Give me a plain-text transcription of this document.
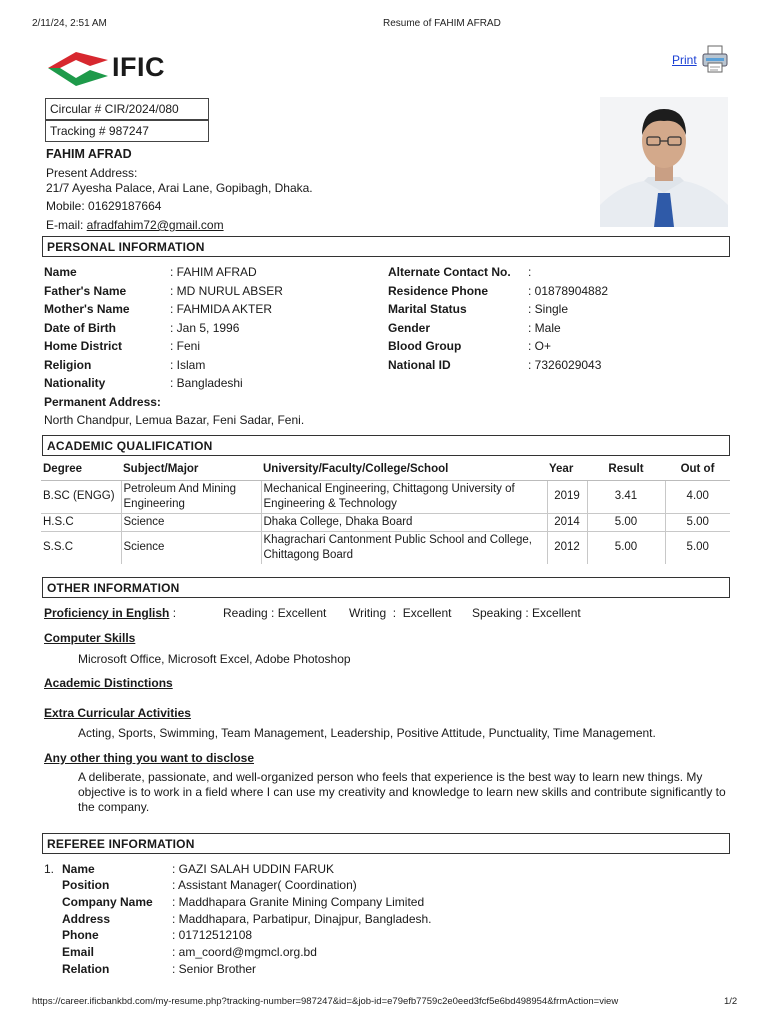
2/11/24, 2:51 AM	Resume of FAHIM AFRAD
IFIC	Print
Circular # CIR/2024/080
Tracking # 987247
FAHIM AFRAD
Present Address:
21/7 Ayesha Palace, Arai Lane, Gopibagh, Dhaka.
Mobile: 01629187664
E-mail: afradfahim72@gmail.com
PERSONAL INFORMATION
Name	: FAHIM AFRAD
Father's Name	: MD NURUL ABSER
Mother's Name	: FAHMIDA AKTER
Date of Birth	: Jan 5, 1996
Home District	: Feni
Religion	: Islam
Nationality	: Bangladeshi
Alternate Contact No. :
Residence Phone	: 01878904882
Marital Status	: Single
Gender	: Male
Blood Group	: O+
National ID	: 7326029043
Permanent Address:
North Chandpur, Lemua Bazar, Feni Sadar, Feni.
ACADEMIC QUALIFICATION
Degree	Subject/Major	University/Faculty/College/School	Year	Result	Out of
B.SC (ENGG)	Petroleum And Mining Engineering	Mechanical Engineering, Chittagong University of Engineering & Technology	2019	3.41	4.00
H.S.C	Science	Dhaka College, Dhaka Board	2014	5.00	5.00
S.S.C	Science	Khagrachari Cantonment Public School and College, Chittagong Board	2012	5.00	5.00
OTHER INFORMATION
Proficiency in English :	Reading : Excellent Writing  :  Excellent Speaking : Excellent
Computer Skills
Microsoft Office, Microsoft Excel, Adobe Photoshop
Academic Distinctions
Extra Curricular Activities
Acting, Sports, Swimming, Team Management, Leadership, Positive Attitude, Punctuality, Time Management.
Any other thing you want to disclose
A deliberate, passionate, and well-organized person who feels that experience is the best way to learn new things. My objective is to work in a field where I can use my creativity and knowledge to learn new skills and contribute significantly to the company.
REFEREE INFORMATION
1. Name	: GAZI SALAH UDDIN FARUK
Position	: Assistant Manager( Coordination)
Company Name : Maddhapara Granite Mining Company Limited
Address	: Maddhapara, Parbatipur, Dinajpur, Bangladesh.
Phone	: 01712512108
Email	: am_coord@mgmcl.org.bd
Relation	: Senior Brother
https://career.ificbankbd.com/my-resume.php?tracking-number=987247&id=&job-id=e79efb7759c2e0eed3fcf5e6bd498954&frmAction=view	1/2
